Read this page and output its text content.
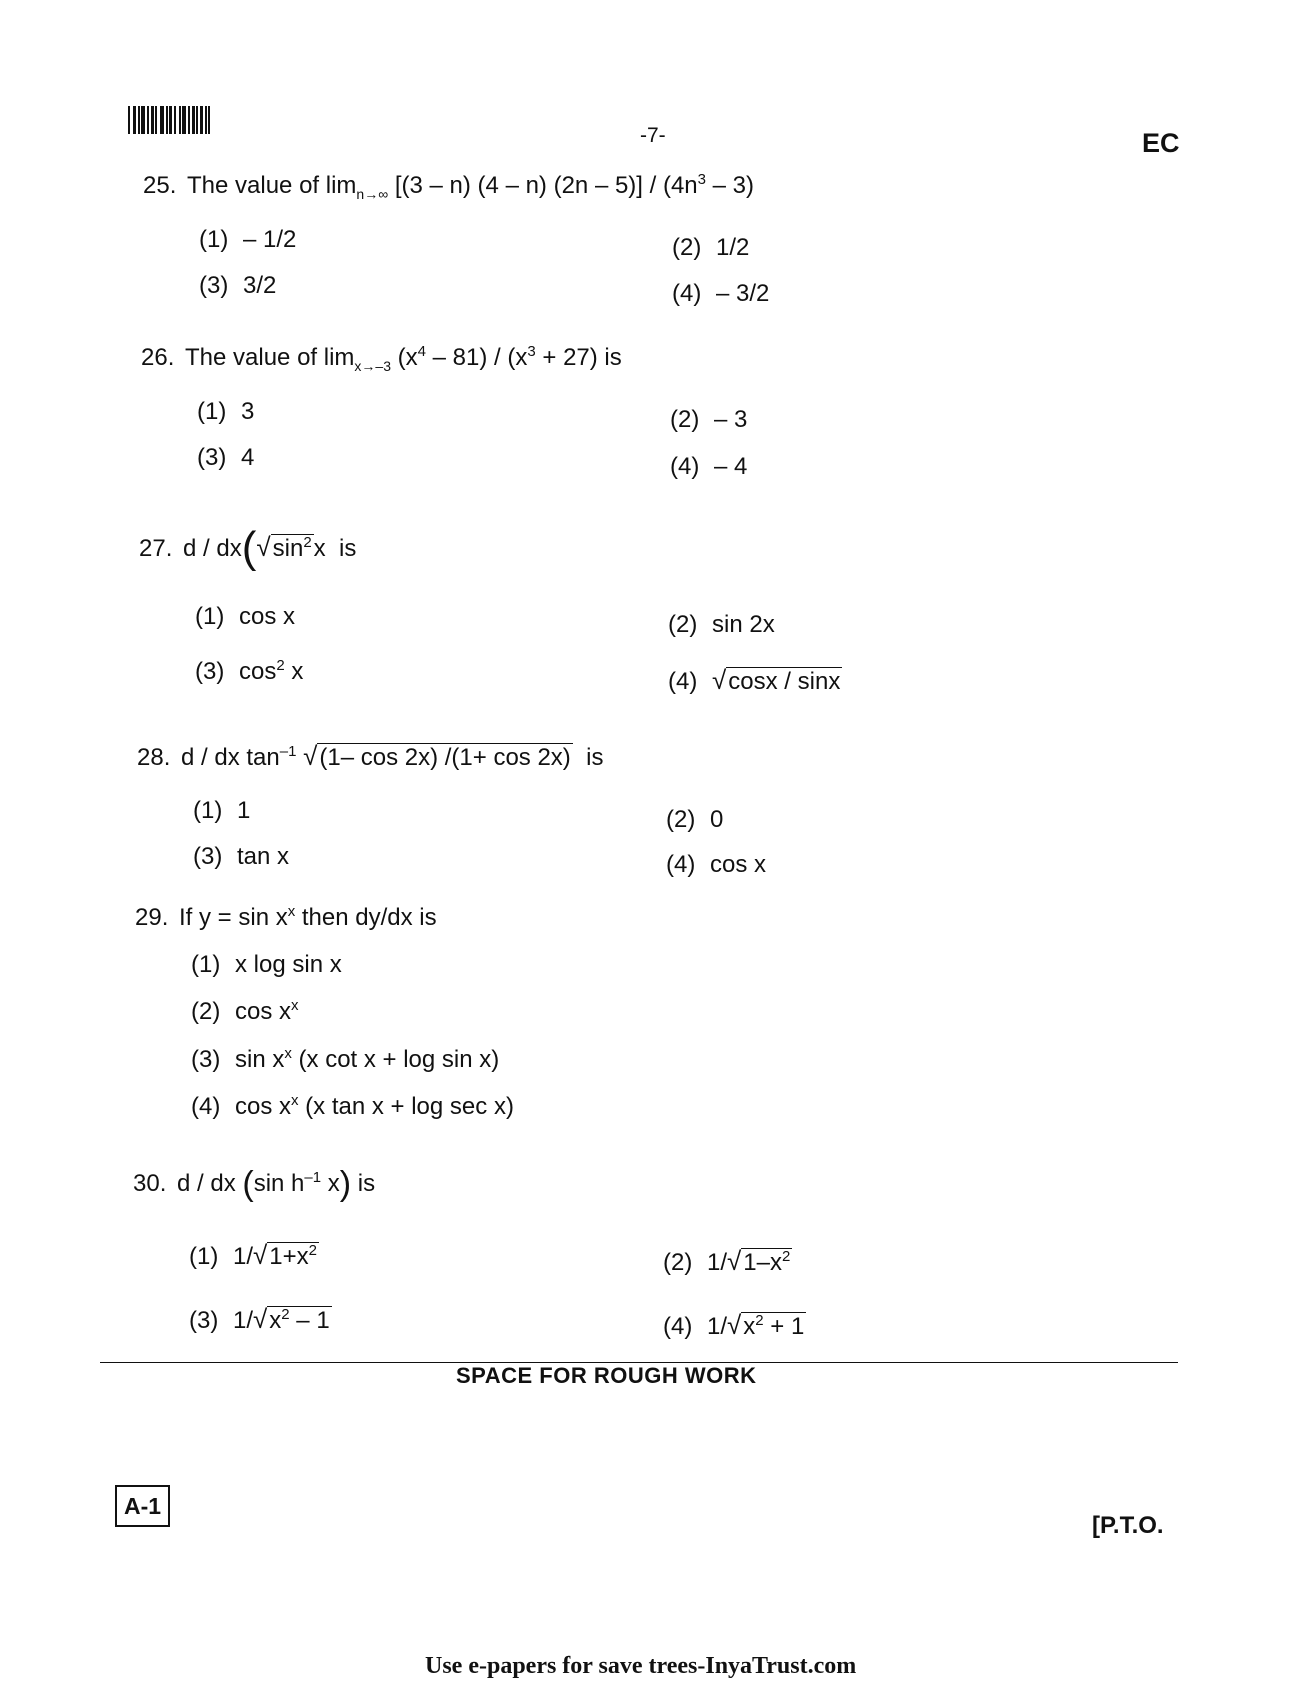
-7-	EC
25. The value of $\lim_{n\to\infty} [(3 - n)$ (4 – n) $(2n - 5)] / (4n^3 - 3)$
(1) – 1/2	(2) 1/2
(3) 3/2	(4) – 3/2
26. The value of $\lim_{x\to-3} (x^4 - 81) / (x^3 + 27)$ is
(1) 3	(2) – 3
(3) 4	(4) – 4
27. d / $dx(√\sin^2x$ is
(1) cos x	(2) sin 2x
(3) $\cos^2 x$	(4) √cosx / sinx
28. d / dx $\tan^{-1} √(1-$ cos 2x) /(1+ cos 2x) is
(1) 1	(2) 0
(3) tan x	(4) cos x
29. If $y = \sin x^x$ then dy/dx is
(1) x log sin x
(2) $\cos x^x$
(3) $\sin x^x$ (x cot x + log sin x)
(4) $\cos x^x$ (x tan x + log sec x)
30. d / dx (sin $h^{-1}$ x) is
(1) $1/√1+x^2$	(2) $1/√1-x^2$
(3) $1/√x^2 - 1$	(4) $1/√x^2 + 1$
SPACE FOR ROUGH WORK
A-1
[P.T.O.
Use e-papers for save trees-InyaTrust.com
